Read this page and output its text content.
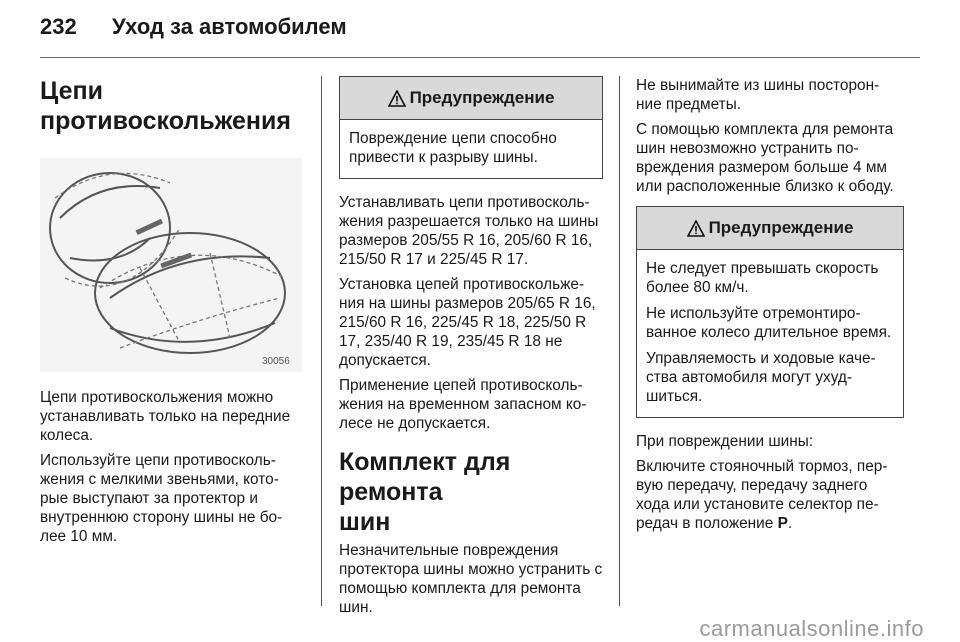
232 Уход за автомобилем
Цепи
противоскольжения
30056

Цепи противоскольжения можно устанавливать только на передние колеса.

Используйте цепи противосколь-жения с мелкими звеньями, кото-рые выступают за протектор и внутреннюю сторону шины не бо-лее 10 мм.

Предупреждение

Повреждение цепи способно привести к разрыву шины.

Устанавливать цепи противосколь-жения разрешается только на шины размеров 205/55 R 16, 205/60 R 16, 215/50 R 17 и 225/45 R 17.

Установка цепей противоскольже-ния на шины размеров 205/65 R 16, 215/60 R 16, 225/45 R 18, 225/50 R 17, 235/40 R 19, 235/45 R 18 не допускается.

Применение цепей противосколь-жения на временном запасном ко-лесе не допускается.

Комплект для ремонта
шин

Незначительные повреждения протектора шины можно устранить с помощью комплекта для ремонта шин.

Не вынимайте из шины посторон-ние предметы.

С помощью комплекта для ремонта шин невозможно устранить по-вреждения размером больше 4 мм или расположенные близко к ободу.

Предупреждение

Не следует превышать скорость более 80 км/ч.

Не используйте отремонтиро-ванное колесо длительное время.

Управляемость и ходовые каче-ства автомобиля могут ухуд-шиться.

При повреждении шины:

Включите стояночный тормоз, пер-вую передачу, передачу заднего хода или установите селектор пе-редач в положение P.

carmanualsonline.info
